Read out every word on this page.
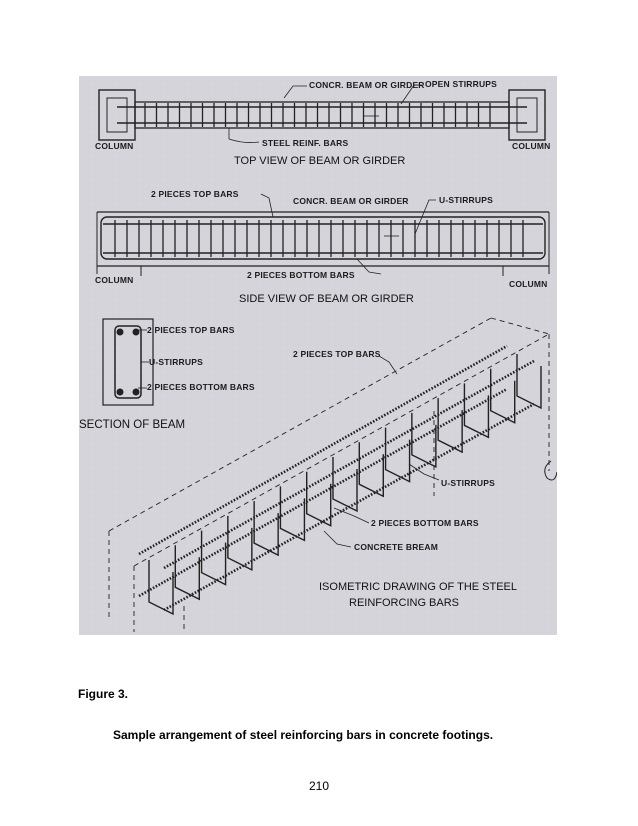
CONCR. BEAM OR GIRDER OPEN STIRRUPS
STEEL REINF. BARS
COLUMN	COLUMN
TOP VIEW OF BEAM OR GIRDER
2 PIECES TOP BARS
CONCR. BEAM OR GIRDER	U-STIRRUPS
2 PIECES BOTTOM BARS
COLUMN	COLUMN
SIDE VIEW OF BEAM OR GIRDER
2 PIECES TOP BARS
U-STIRRUPS
2 PIECES BOTTOM BARS
SECTION OF BEAM
2 PIECES TOP BARS
U-STIRRUPS
2 PIECES BOTTOM BARS
CONCRETE BREAM
ISOMETRIC DRAWING OF THE STEEL
REINFORCING BARS

Figure 3.

Sample arrangement of steel reinforcing bars in concrete footings.

210
